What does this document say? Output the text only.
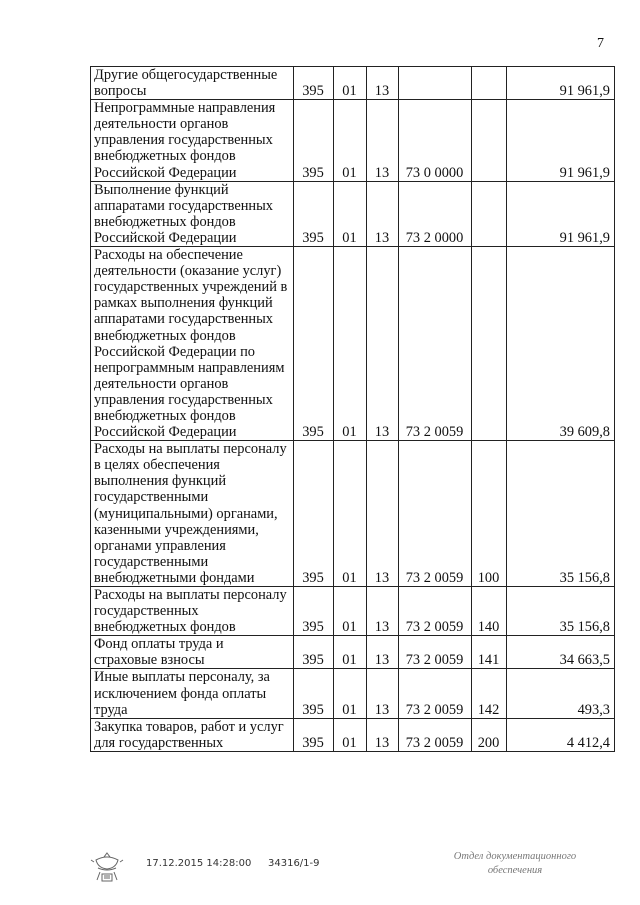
7
Другие общегосударственные вопросы	395	01	13			91 961,9
Непрограммные направления деятельности органов управления государственных внебюджетных фондов Российской Федерации	395	01	13	73 0 0000		91 961,9
Выполнение функций аппаратами государственных внебюджетных фондов Российской Федерации	395	01	13	73 2 0000		91 961,9
Расходы на обеспечение деятельности (оказание услуг) государственных учреждений в рамках выполнения функций аппаратами государственных внебюджетных фондов Российской Федерации по непрограммным направлениям деятельности органов управления государственных внебюджетных фондов Российской Федерации	395	01	13	73 2 0059		39 609,8
Расходы на выплаты персоналу в целях обеспечения выполнения функций государственными (муниципальными) органами, казенными учреждениями, органами управления государственными внебюджетными фондами	395	01	13	73 2 0059	100	35 156,8
Расходы на выплаты персоналу государственных внебюджетных фондов	395	01	13	73 2 0059	140	35 156,8
Фонд оплаты труда и страховые взносы	395	01	13	73 2 0059	141	34 663,5
Иные выплаты персоналу, за исключением фонда оплаты труда	395	01	13	73 2 0059	142	493,3
Закупка товаров, работ и услуг для государственных	395	01	13	73 2 0059	200	4 412,4
17.12.2015 14:28:00 34316/1-9
Отдел документационного
обеспечения
